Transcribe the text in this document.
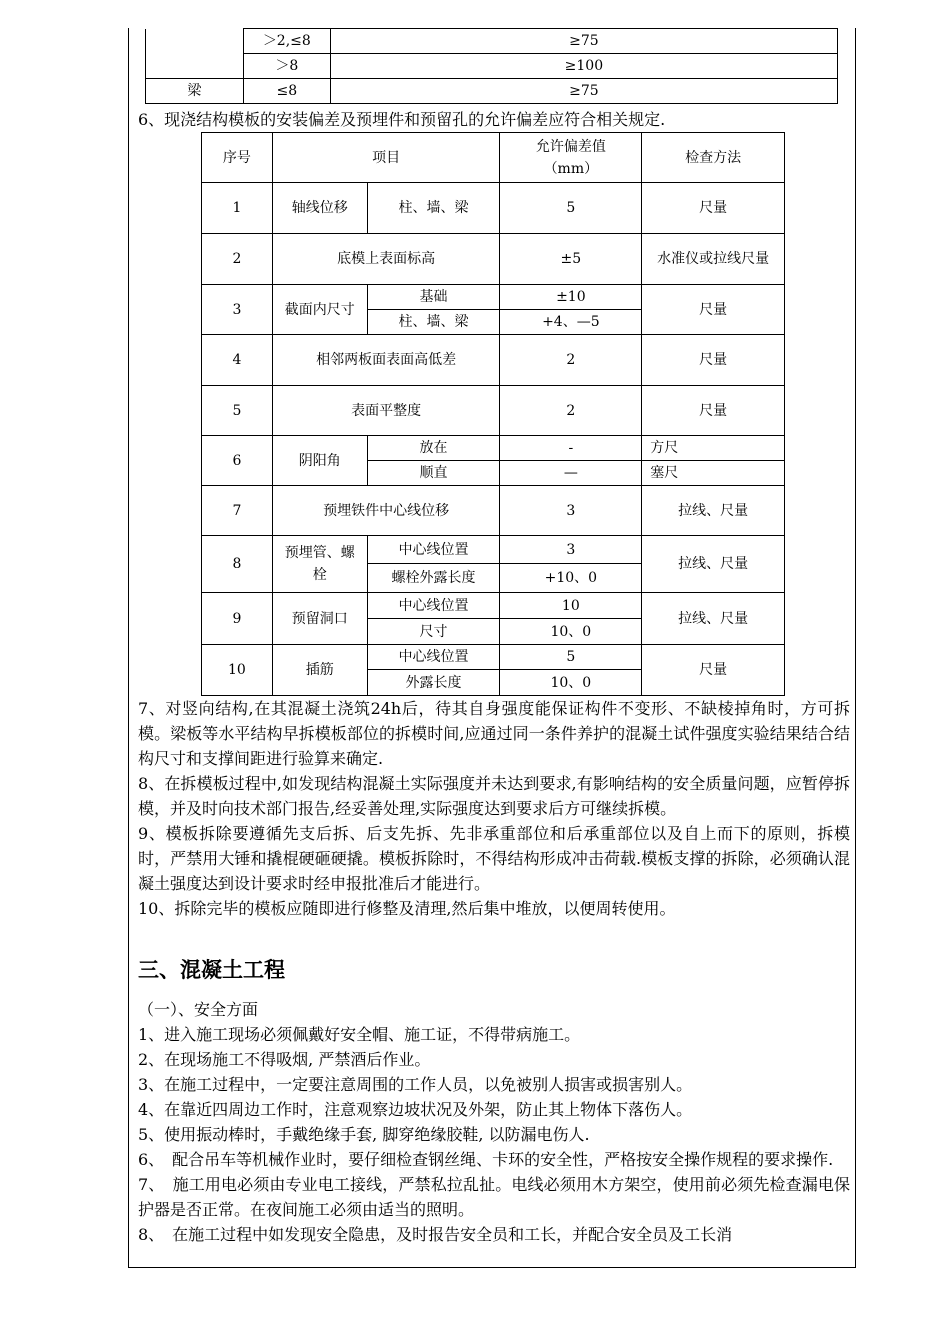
	＞2,≤8	≥75
	＞8	≥100
梁	≤8	≥75
6、现浇结构模板的安装偏差及预埋件和预留孔的允许偏差应符合相关规定.
序号	项目		允许偏差值（mm）	检查方法
1	轴线位移	柱、墙、梁	5	尺量
2	底模上表面标高		±5	水准仪或拉线尺量
3	截面内尺寸	基础	±10	尺量
		柱、墙、梁	+4、—5	
4	相邻两板面表面高低差		2	尺量
5	表面平整度		2	尺量
6	阴阳角	放在	-	方尺
		顺直	—	塞尺
7	预埋铁件中心线位移		3	拉线、尺量
8	预埋管、螺栓	中心线位置	3	拉线、尺量
		螺栓外露长度	+10、0	
9	预留洞口	中心线位置	10	拉线、尺量
		尺寸	10、0	
10	插筋	中心线位置	5	尺量
		外露长度	10、0	

7、对竖向结构,在其混凝土浇筑24h后，待其自身强度能保证构件不变形、不缺棱掉角时，方可拆模。梁板等水平结构早拆模板部位的拆模时间,应通过同一条件养护的混凝土试件强度实验结果结合结构尺寸和支撑间距进行验算来确定.

8、在拆模板过程中,如发现结构混凝土实际强度并未达到要求,有影响结构的安全质量问题，应暂停拆模，并及时向技术部门报告,经妥善处理,实际强度达到要求后方可继续拆模。

9、模板拆除要遵循先支后拆、后支先拆、先非承重部位和后承重部位以及自上而下的原则，拆模时，严禁用大锤和撬棍硬砸硬撬。模板拆除时，不得结构形成冲击荷载.模板支撑的拆除，必须确认混凝土强度达到设计要求时经申报批准后才能进行。

10、拆除完毕的模板应随即进行修整及清理,然后集中堆放，以便周转使用。

三、混凝土工程

（一）、安全方面

1、进入施工现场必须佩戴好安全帽、施工证，不得带病施工。

2、在现场施工不得吸烟, 严禁酒后作业。

3、在施工过程中，一定要注意周围的工作人员，以免被别人损害或损害别人。

4、在靠近四周边工作时，注意观察边坡状况及外架，防止其上物体下落伤人。

5、使用振动棒时，手戴绝缘手套, 脚穿绝缘胶鞋, 以防漏电伤人.

6、　配合吊车等机械作业时，要仔细检查钢丝绳、卡环的安全性，严格按安全操作规程的要求操作.

7、　施工用电必须由专业电工接线，严禁私拉乱扯。电线必须用木方架空，使用前必须先检查漏电保护器是否正常。在夜间施工必须由适当的照明。

8、　在施工过程中如发现安全隐患，及时报告安全员和工长，并配合安全员及工长消
